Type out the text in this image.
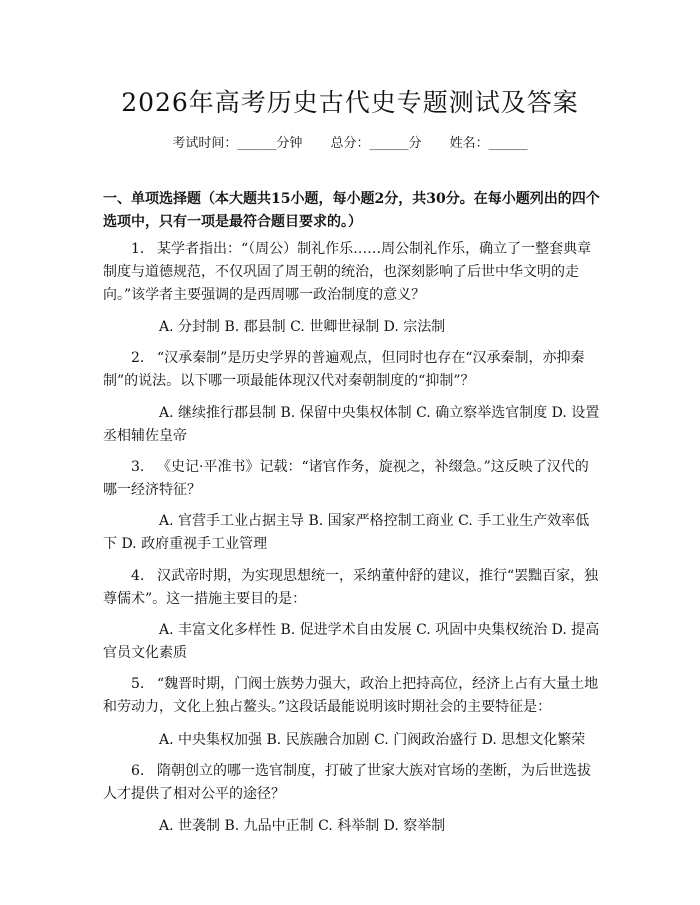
2026年高考历史古代史专题测试及答案
考试时间：______分钟 总分：______分 姓名：______
一、单项选择题（本大题共15小题，每小题2分，共30分。在每小题列出的四个选项中，只有一项是最符合题目要求的。）
1. 某学者指出：“（周公）制礼作乐……周公制礼作乐，确立了一整套典章制度与道德规范，不仅巩固了周王朝的统治，也深刻影响了后世中华文明的走向。”该学者主要强调的是西周哪一政治制度的意义？
A. 分封制 B. 郡县制 C. 世卿世禄制 D. 宗法制
2. “汉承秦制”是历史学界的普遍观点，但同时也存在“汉承秦制，亦抑秦制”的说法。以下哪一项最能体现汉代对秦朝制度的“抑制”？
A. 继续推行郡县制 B. 保留中央集权体制 C. 确立察举选官制度 D. 设置丞相辅佐皇帝
3. 《史记·平准书》记载：“诸官作务，旋视之，补缀急。”这反映了汉代的哪一经济特征？
A. 官营手工业占据主导 B. 国家严格控制工商业 C. 手工业生产效率低下 D. 政府重视手工业管理
4. 汉武帝时期，为实现思想统一，采纳董仲舒的建议，推行“罢黜百家，独尊儒术”。这一措施主要目的是：
A. 丰富文化多样性 B. 促进学术自由发展 C. 巩固中央集权统治 D. 提高官员文化素质
5. “魏晋时期，门阀士族势力强大，政治上把持高位，经济上占有大量土地和劳动力，文化上独占鳌头。”这段话最能说明该时期社会的主要特征是：
A. 中央集权加强 B. 民族融合加剧 C. 门阀政治盛行 D. 思想文化繁荣
6. 隋朝创立的哪一选官制度，打破了世家大族对官场的垄断，为后世选拔人才提供了相对公平的途径？
A. 世袭制 B. 九品中正制 C. 科举制 D. 察举制
